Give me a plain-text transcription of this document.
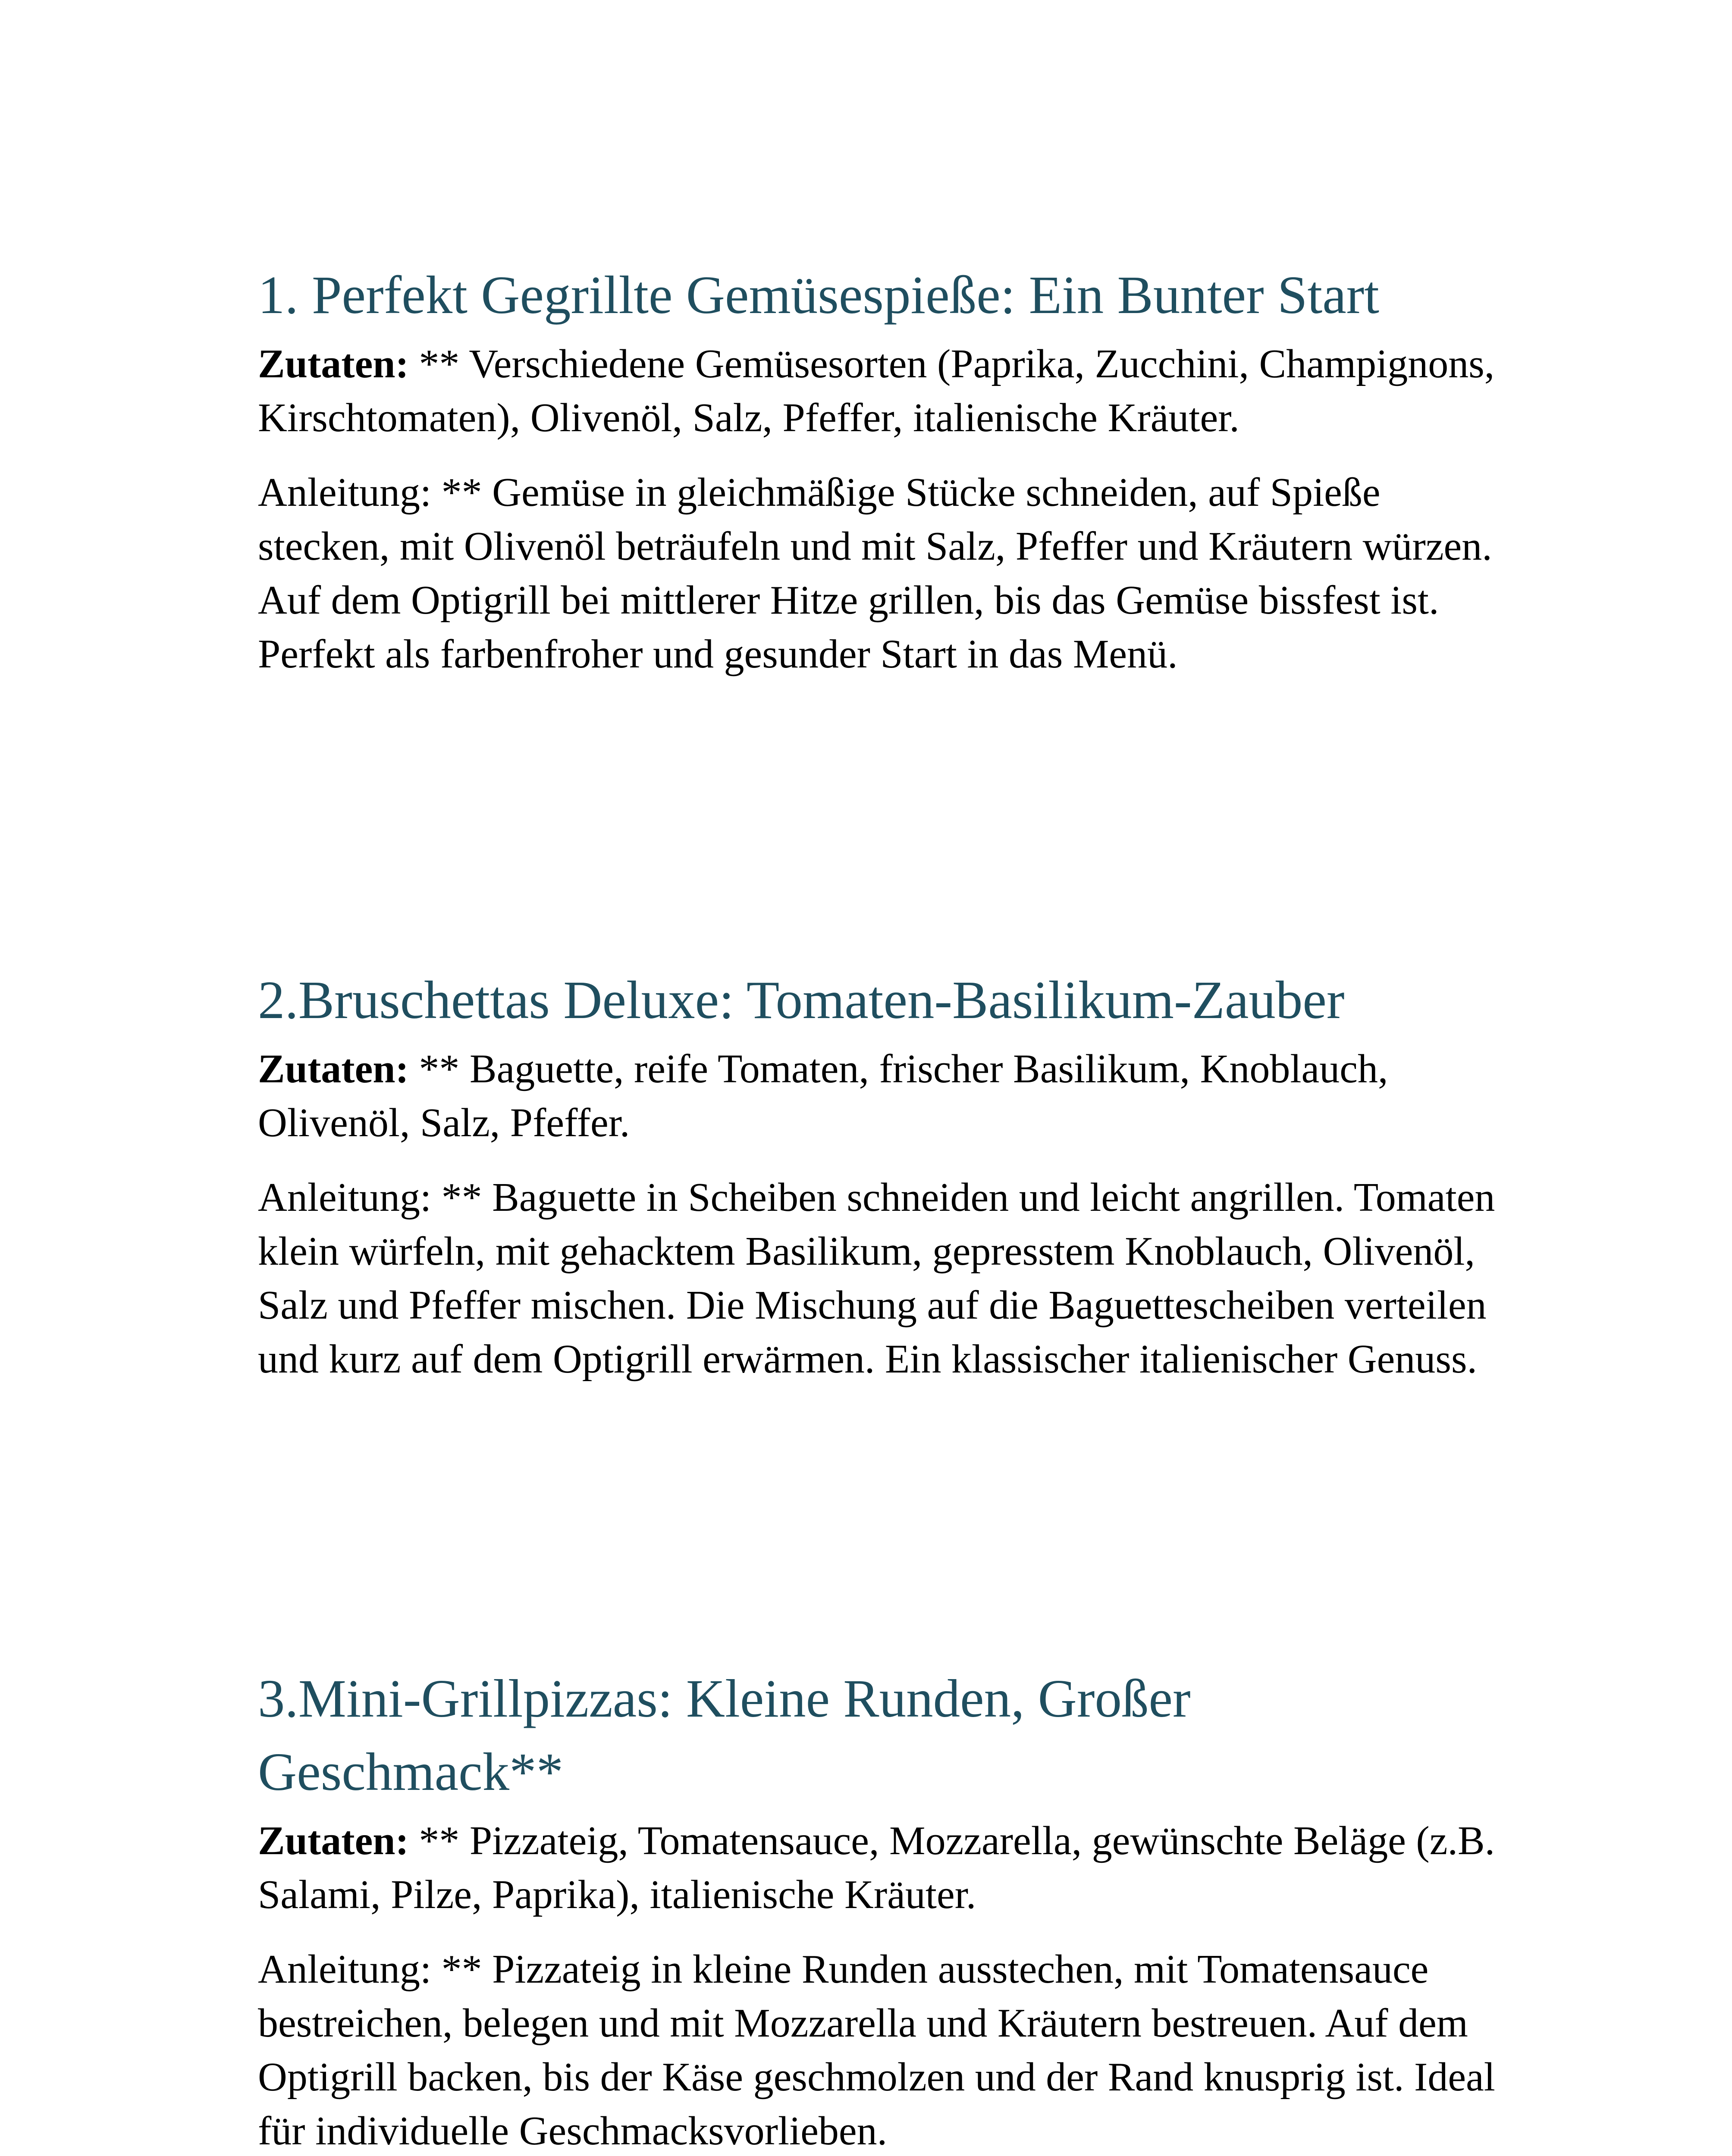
1. Perfekt Gegrillte Gemüsespieße: Ein Bunter Start

Zutaten: ** Verschiedene Gemüsesorten (Paprika, Zucchini, Champignons, Kirschtomaten), Olivenöl, Salz, Pfeffer, italienische Kräuter.

Anleitung: ** Gemüse in gleichmäßige Stücke schneiden, auf Spieße stecken, mit Olivenöl beträufeln und mit Salz, Pfeffer und Kräutern würzen. Auf dem Optigrill bei mittlerer Hitze grillen, bis das Gemüse bissfest ist. Perfekt als farbenfroher und gesunder Start in das Menü.

2.Bruschettas Deluxe: Tomaten-Basilikum-Zauber

Zutaten: ** Baguette, reife Tomaten, frischer Basilikum, Knoblauch, Olivenöl, Salz, Pfeffer.

Anleitung: ** Baguette in Scheiben schneiden und leicht angrillen. Tomaten klein würfeln, mit gehacktem Basilikum, gepresstem Knoblauch, Olivenöl, Salz und Pfeffer mischen. Die Mischung auf die Baguettescheiben verteilen und kurz auf dem Optigrill erwärmen. Ein klassischer italienischer Genuss.

3.Mini-Grillpizzas: Kleine Runden, Großer Geschmack**

Zutaten: ** Pizzateig, Tomatensauce, Mozzarella, gewünschte Beläge (z.B. Salami, Pilze, Paprika), italienische Kräuter.

Anleitung: ** Pizzateig in kleine Runden ausstechen, mit Tomatensauce bestreichen, belegen und mit Mozzarella und Kräutern bestreuen. Auf dem Optigrill backen, bis der Käse geschmolzen und der Rand knusprig ist. Ideal für individuelle Geschmacksvorlieben.
